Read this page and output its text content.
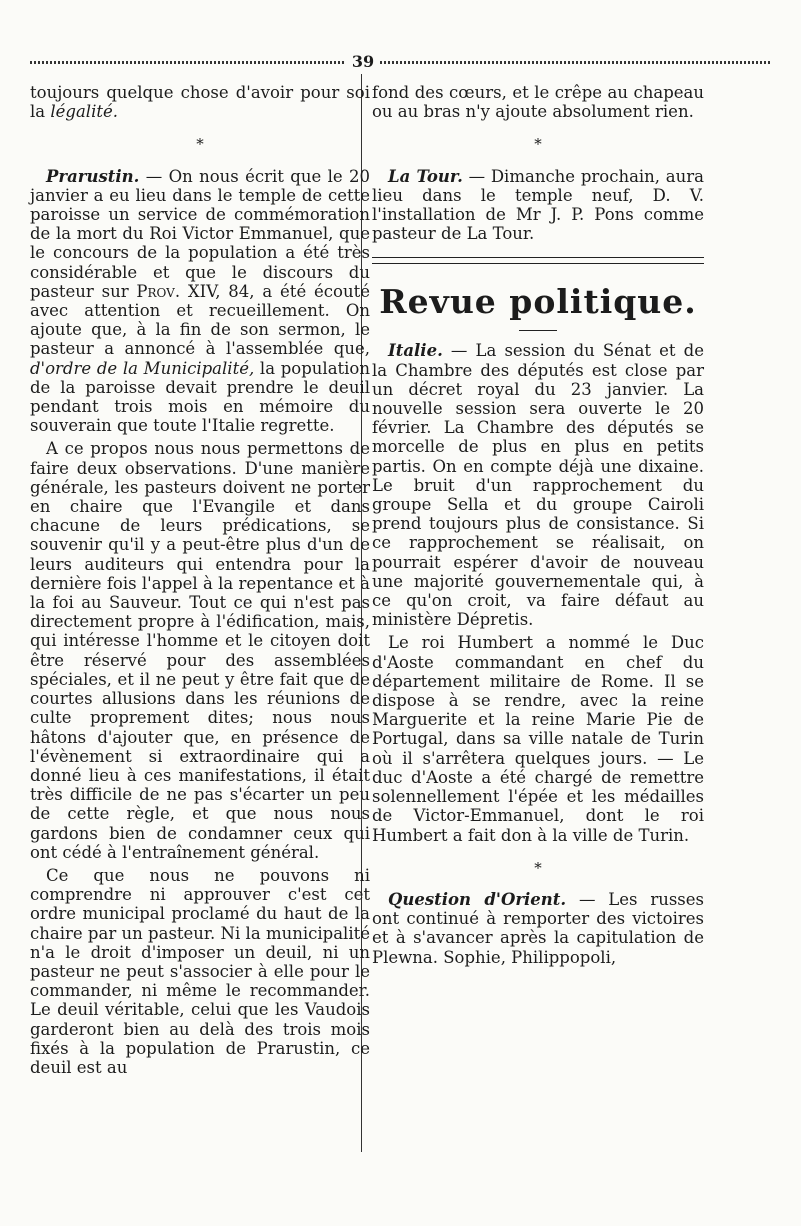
39

toujours quelque chose d'avoir pour soi la légalité.

*

Prarustin. — On nous écrit que le 20 janvier a eu lieu dans le temple de cette paroisse un service de commémoration de la mort du Roi Victor Emmanuel, que le concours de la population a été très considérable et que le discours du pasteur sur Prov. XIV, 84, a été écouté avec attention et recueillement. On ajoute que, à la fin de son sermon, le pasteur a annoncé à l'assemblée que, d'ordre de la Municipalité, la population de la paroisse devait prendre le deuil pendant trois mois en mémoire du souverain que toute l'Italie regrette.

A ce propos nous nous permettons de faire deux observations. D'une manière générale, les pasteurs doivent ne porter en chaire que l'Evangile et dans chacune de leurs prédications, se souvenir qu'il y a peut-être plus d'un de leurs auditeurs qui entendra pour la dernière fois l'appel à la repentance et à la foi au Sauveur. Tout ce qui n'est pas directement propre à l'édification, mais, qui intéresse l'homme et le citoyen doit être réservé pour des assemblées spéciales, et il ne peut y être fait que de courtes allusions dans les réunions de culte proprement dites; nous nous hâtons d'ajouter que, en présence de l'évènement si extraordinaire qui a donné lieu à ces manifestations, il était très difficile de ne pas s'écarter un peu de cette règle, et que nous nous gardons bien de condamner ceux qui ont cédé à l'entraînement général.

Ce que nous ne pouvons ni comprendre ni approuver c'est cet ordre municipal proclamé du haut de la chaire par un pasteur. Ni la municipalité n'a le droit d'imposer un deuil, ni un pasteur ne peut s'associer à elle pour le commander, ni même le recommander. Le deuil véritable, celui que les Vaudois garderont bien au delà des trois mois fixés à la population de Prarustin, ce deuil est au

fond des cœurs, et le crêpe au chapeau ou au bras n'y ajoute absolument rien.

*

La Tour. — Dimanche prochain, aura lieu dans le temple neuf, D. V. l'installation de Mr J. P. Pons comme pasteur de La Tour.

Revue politique.

Italie. — La session du Sénat et de la Chambre des députés est close par un décret royal du 23 janvier. La nouvelle session sera ouverte le 20 février. La Chambre des députés se morcelle de plus en plus en petits partis. On en compte déjà une dixaine. Le bruit d'un rapprochement du groupe Sella et du groupe Cairoli prend toujours plus de consistance. Si ce rapprochement se réalisait, on pourrait espérer d'avoir de nouveau une majorité gouvernementale qui, à ce qu'on croit, va faire défaut au ministère Dépretis.

Le roi Humbert a nommé le Duc d'Aoste commandant en chef du département militaire de Rome. Il se dispose à se rendre, avec la reine Marguerite et la reine Marie Pie de Portugal, dans sa ville natale de Turin où il s'arrêtera quelques jours. — Le duc d'Aoste a été chargé de remettre solennellement l'épée et les médailles de Victor-Emmanuel, dont le roi Humbert a fait don à la ville de Turin.

*

Question d'Orient. — Les russes ont continué à remporter des victoires et à s'avancer après la capitulation de Plewna. Sophie, Philippopoli,
